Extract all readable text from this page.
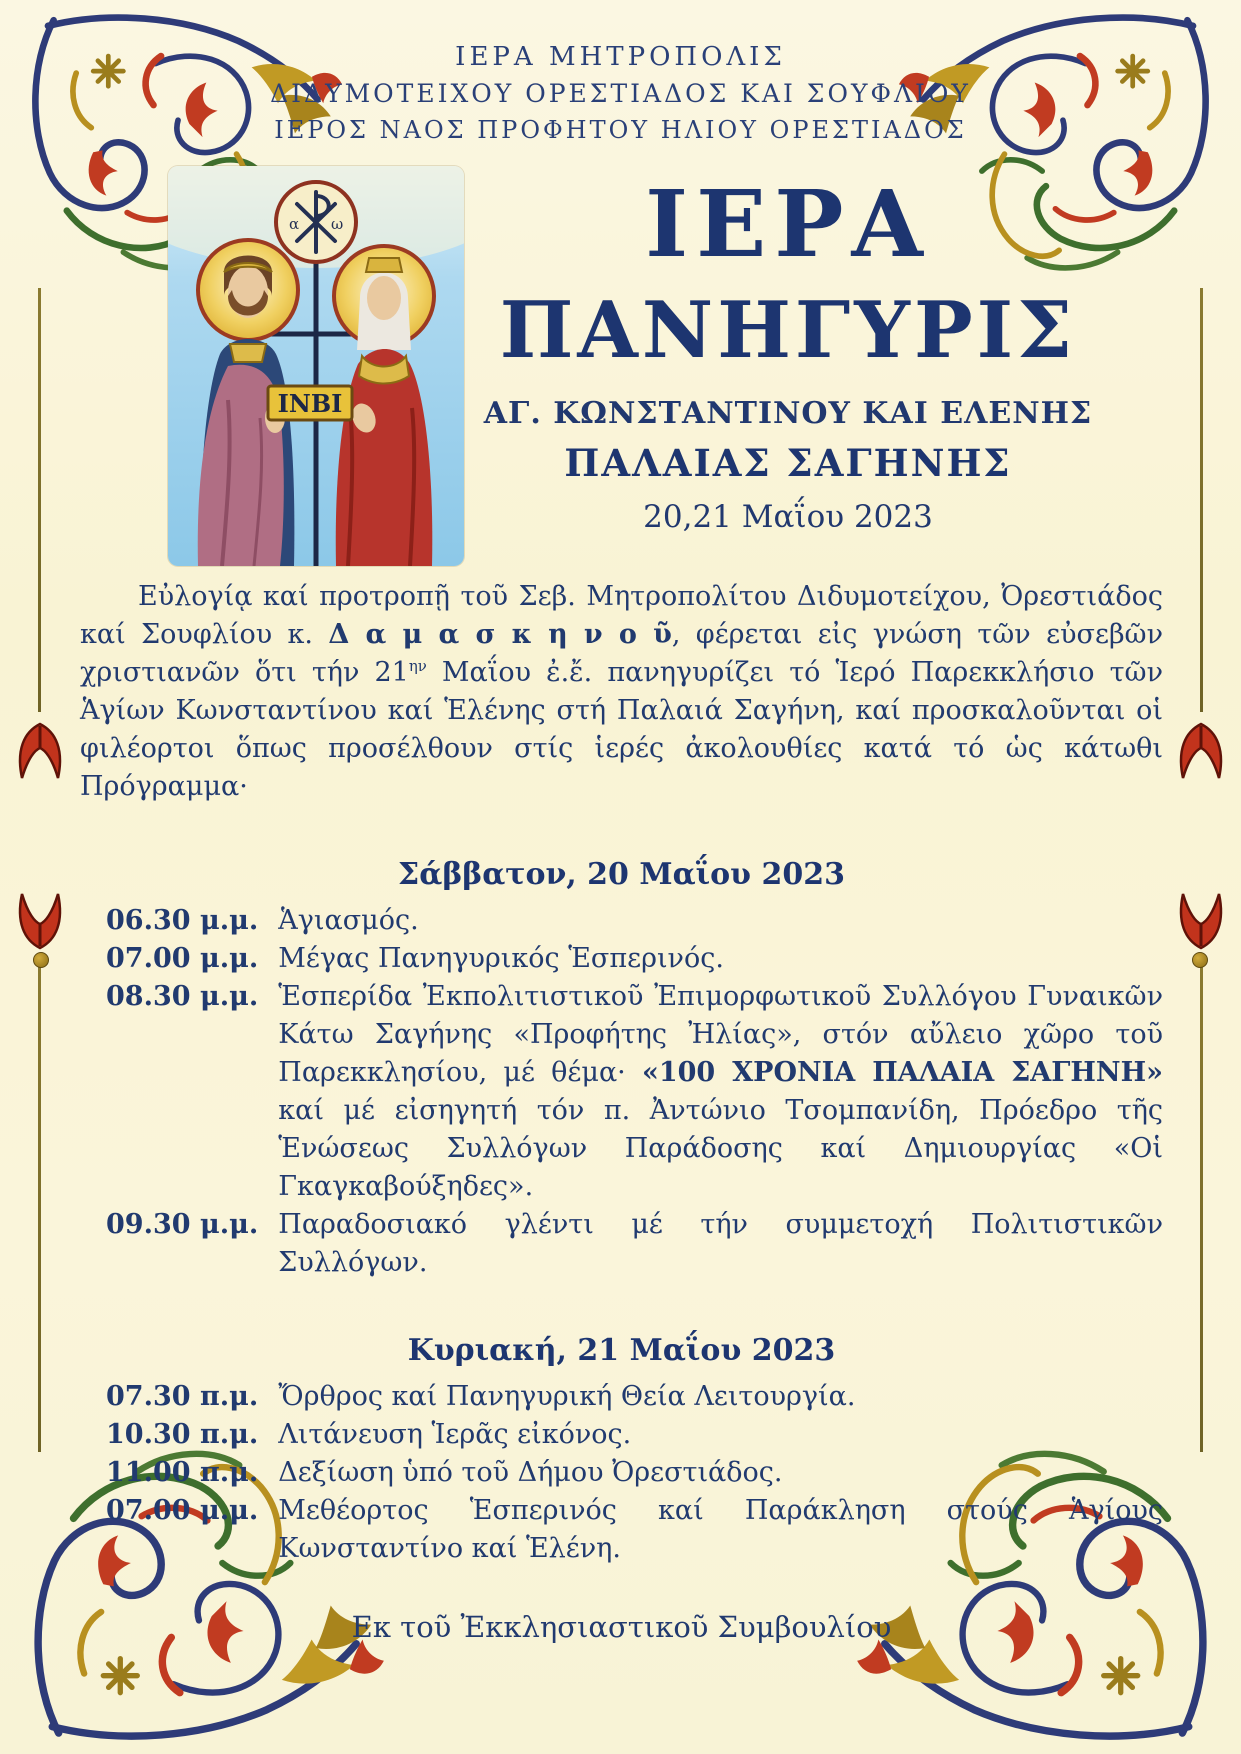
ΙΕΡΑ ΜΗΤΡΟΠΟΛΙΣ
ΔΙΔΥΜΟΤΕΙΧΟΥ ΟΡΕΣΤΙΑΔΟΣ ΚΑΙ ΣΟΥΦΛΙΟΥ
ΙΕΡΟΣ ΝΑΟΣ ΠΡΟΦΗΤΟΥ ΗΛΙΟΥ ΟΡΕΣΤΙΑΔΟΣ
α ω
ΙΝΒΙ
ΙΕΡΑ
ΠΑΝΗΓΥΡΙΣ
ΑΓ. ΚΩΝΣΤΑΝΤΙΝΟΥ ΚΑΙ ΕΛΕΝΗΣ
ΠΑΛΑΙΑΣ ΣΑΓΗΝΗΣ
20,21 Μαΐου 2023

Εὐλογίᾳ καί προτροπῇ τοῦ Σεβ. Μητροπολίτου Διδυμοτείχου, Ὀρεστιάδος καί Σουφλίου κ. Δ α μ α σ κ η ν ο ῦ, φέρεται εἰς γνώση τῶν εὐσεβῶν χριστιανῶν ὅτι τήν $21^{\eta\nu}$ Μαΐου ἐ.ἔ. πανηγυρίζει τό Ἱερό Παρεκκλήσιο τῶν Ἁγίων Κωνσταντίνου καί Ἑλένης στή Παλαιά Σαγήνη, καί προσκαλοῦνται οἱ φιλέορτοι ὅπως προσέλθουν στίς ἱερές ἀκολουθίες κατά τό ὡς κάτωθι Πρόγραμμα·

Σάββατον, 20 Μαΐου 2023
06.30 μ.μ. Ἁγιασμός.
07.00 μ.μ. Μέγας Πανηγυρικός Ἑσπερινός.
08.30 μ.μ. Ἑσπερίδα Ἐκπολιτιστικοῦ Ἐπιμορφωτικοῦ Συλλόγου Γυναικῶν Κάτω Σαγήνης «Προφήτης Ἠλίας», στόν αὔλειο χῶρο τοῦ Παρεκκλησίου, μέ θέμα· «100 ΧΡΟΝΙΑ ΠΑΛΑΙΑ ΣΑΓΗΝΗ» καί μέ εἰσηγητή τόν π. Ἀντώνιο Τσομπανίδη, Πρόεδρο τῆς Ἑνώσεως Συλλόγων Παράδοσης καί Δημιουργίας «Οἱ Γκαγκαβούξηδες».
09.30 μ.μ. Παραδοσιακό γλέντι μέ τήν συμμετοχή Πολιτιστικῶν Συλλόγων.
Κυριακή, 21 Μαΐου 2023
07.30 π.μ. Ὄρθρος καί Πανηγυρική Θεία Λειτουργία.
10.30 π.μ. Λιτάνευση Ἱερᾶς εἰκόνος.
11.00 π.μ. Δεξίωση ὑπό τοῦ Δήμου Ὀρεστιάδος.
07.00 μ.μ. Μεθέορτος Ἑσπερινός καί Παράκληση στούς Ἁγίους Κωνσταντίνο καί Ἑλένη.
Εκ τοῦ Ἐκκλησιαστικοῦ Συμβουλίου
